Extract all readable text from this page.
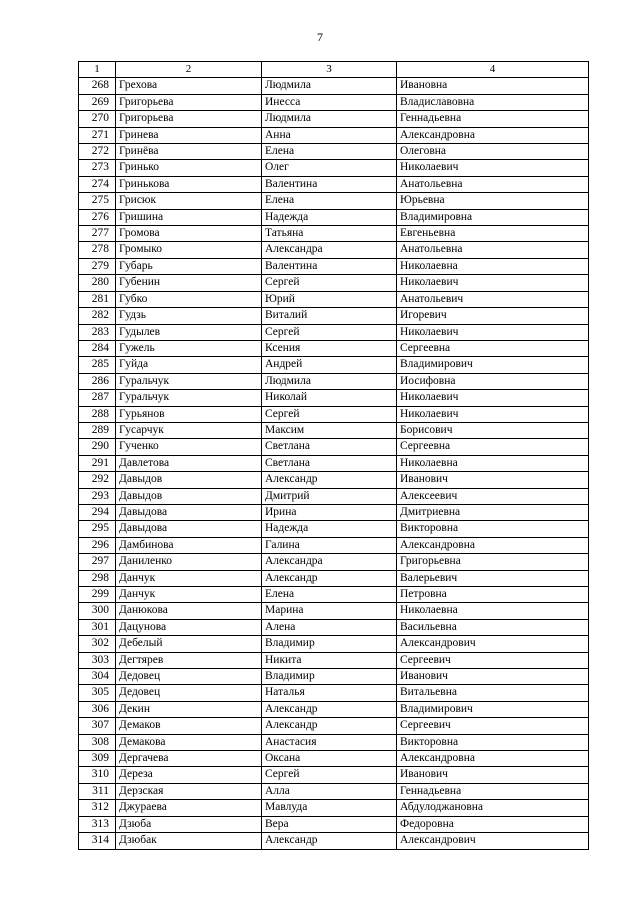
7
1	2	3	4
268	Грехова	Людмила	Ивановна
269	Григорьева	Инесса	Владиславовна
270	Григорьева	Людмила	Геннадьевна
271	Гринева	Анна	Александровна
272	Гринёва	Елена	Олеговна
273	Гринько	Олег	Николаевич
274	Гринькова	Валентина	Анатольевна
275	Грисюк	Елена	Юрьевна
276	Гришина	Надежда	Владимировна
277	Громова	Татьяна	Евгеньевна
278	Громыко	Александра	Анатольевна
279	Губарь	Валентина	Николаевна
280	Губенин	Сергей	Николаевич
281	Губко	Юрий	Анатольевич
282	Гудзь	Виталий	Игоревич
283	Гудылев	Сергей	Николаевич
284	Гужель	Ксения	Сергеевна
285	Гуйда	Андрей	Владимирович
286	Гуральчук	Людмила	Иосифовна
287	Гуральчук	Николай	Николаевич
288	Гурьянов	Сергей	Николаевич
289	Гусарчук	Максим	Борисович
290	Гученко	Светлана	Сергеевна
291	Давлетова	Светлана	Николаевна
292	Давыдов	Александр	Иванович
293	Давыдов	Дмитрий	Алексеевич
294	Давыдова	Ирина	Дмитриевна
295	Давыдова	Надежда	Викторовна
296	Дамбинова	Галина	Александровна
297	Даниленко	Александра	Григорьевна
298	Данчук	Александр	Валерьевич
299	Данчук	Елена	Петровна
300	Данюкова	Марина	Николаевна
301	Дацунова	Алена	Васильевна
302	Дебелый	Владимир	Александрович
303	Дегтярев	Никита	Сергеевич
304	Дедовец	Владимир	Иванович
305	Дедовец	Наталья	Витальевна
306	Декин	Александр	Владимирович
307	Демаков	Александр	Сергеевич
308	Демакова	Анастасия	Викторовна
309	Дергачева	Оксана	Александровна
310	Дереза	Сергей	Иванович
311	Дерзская	Алла	Геннадьевна
312	Джураева	Мавлуда	Абдулоджановна
313	Дзюба	Вера	Федоровна
314	Дзюбак	Александр	Александрович
